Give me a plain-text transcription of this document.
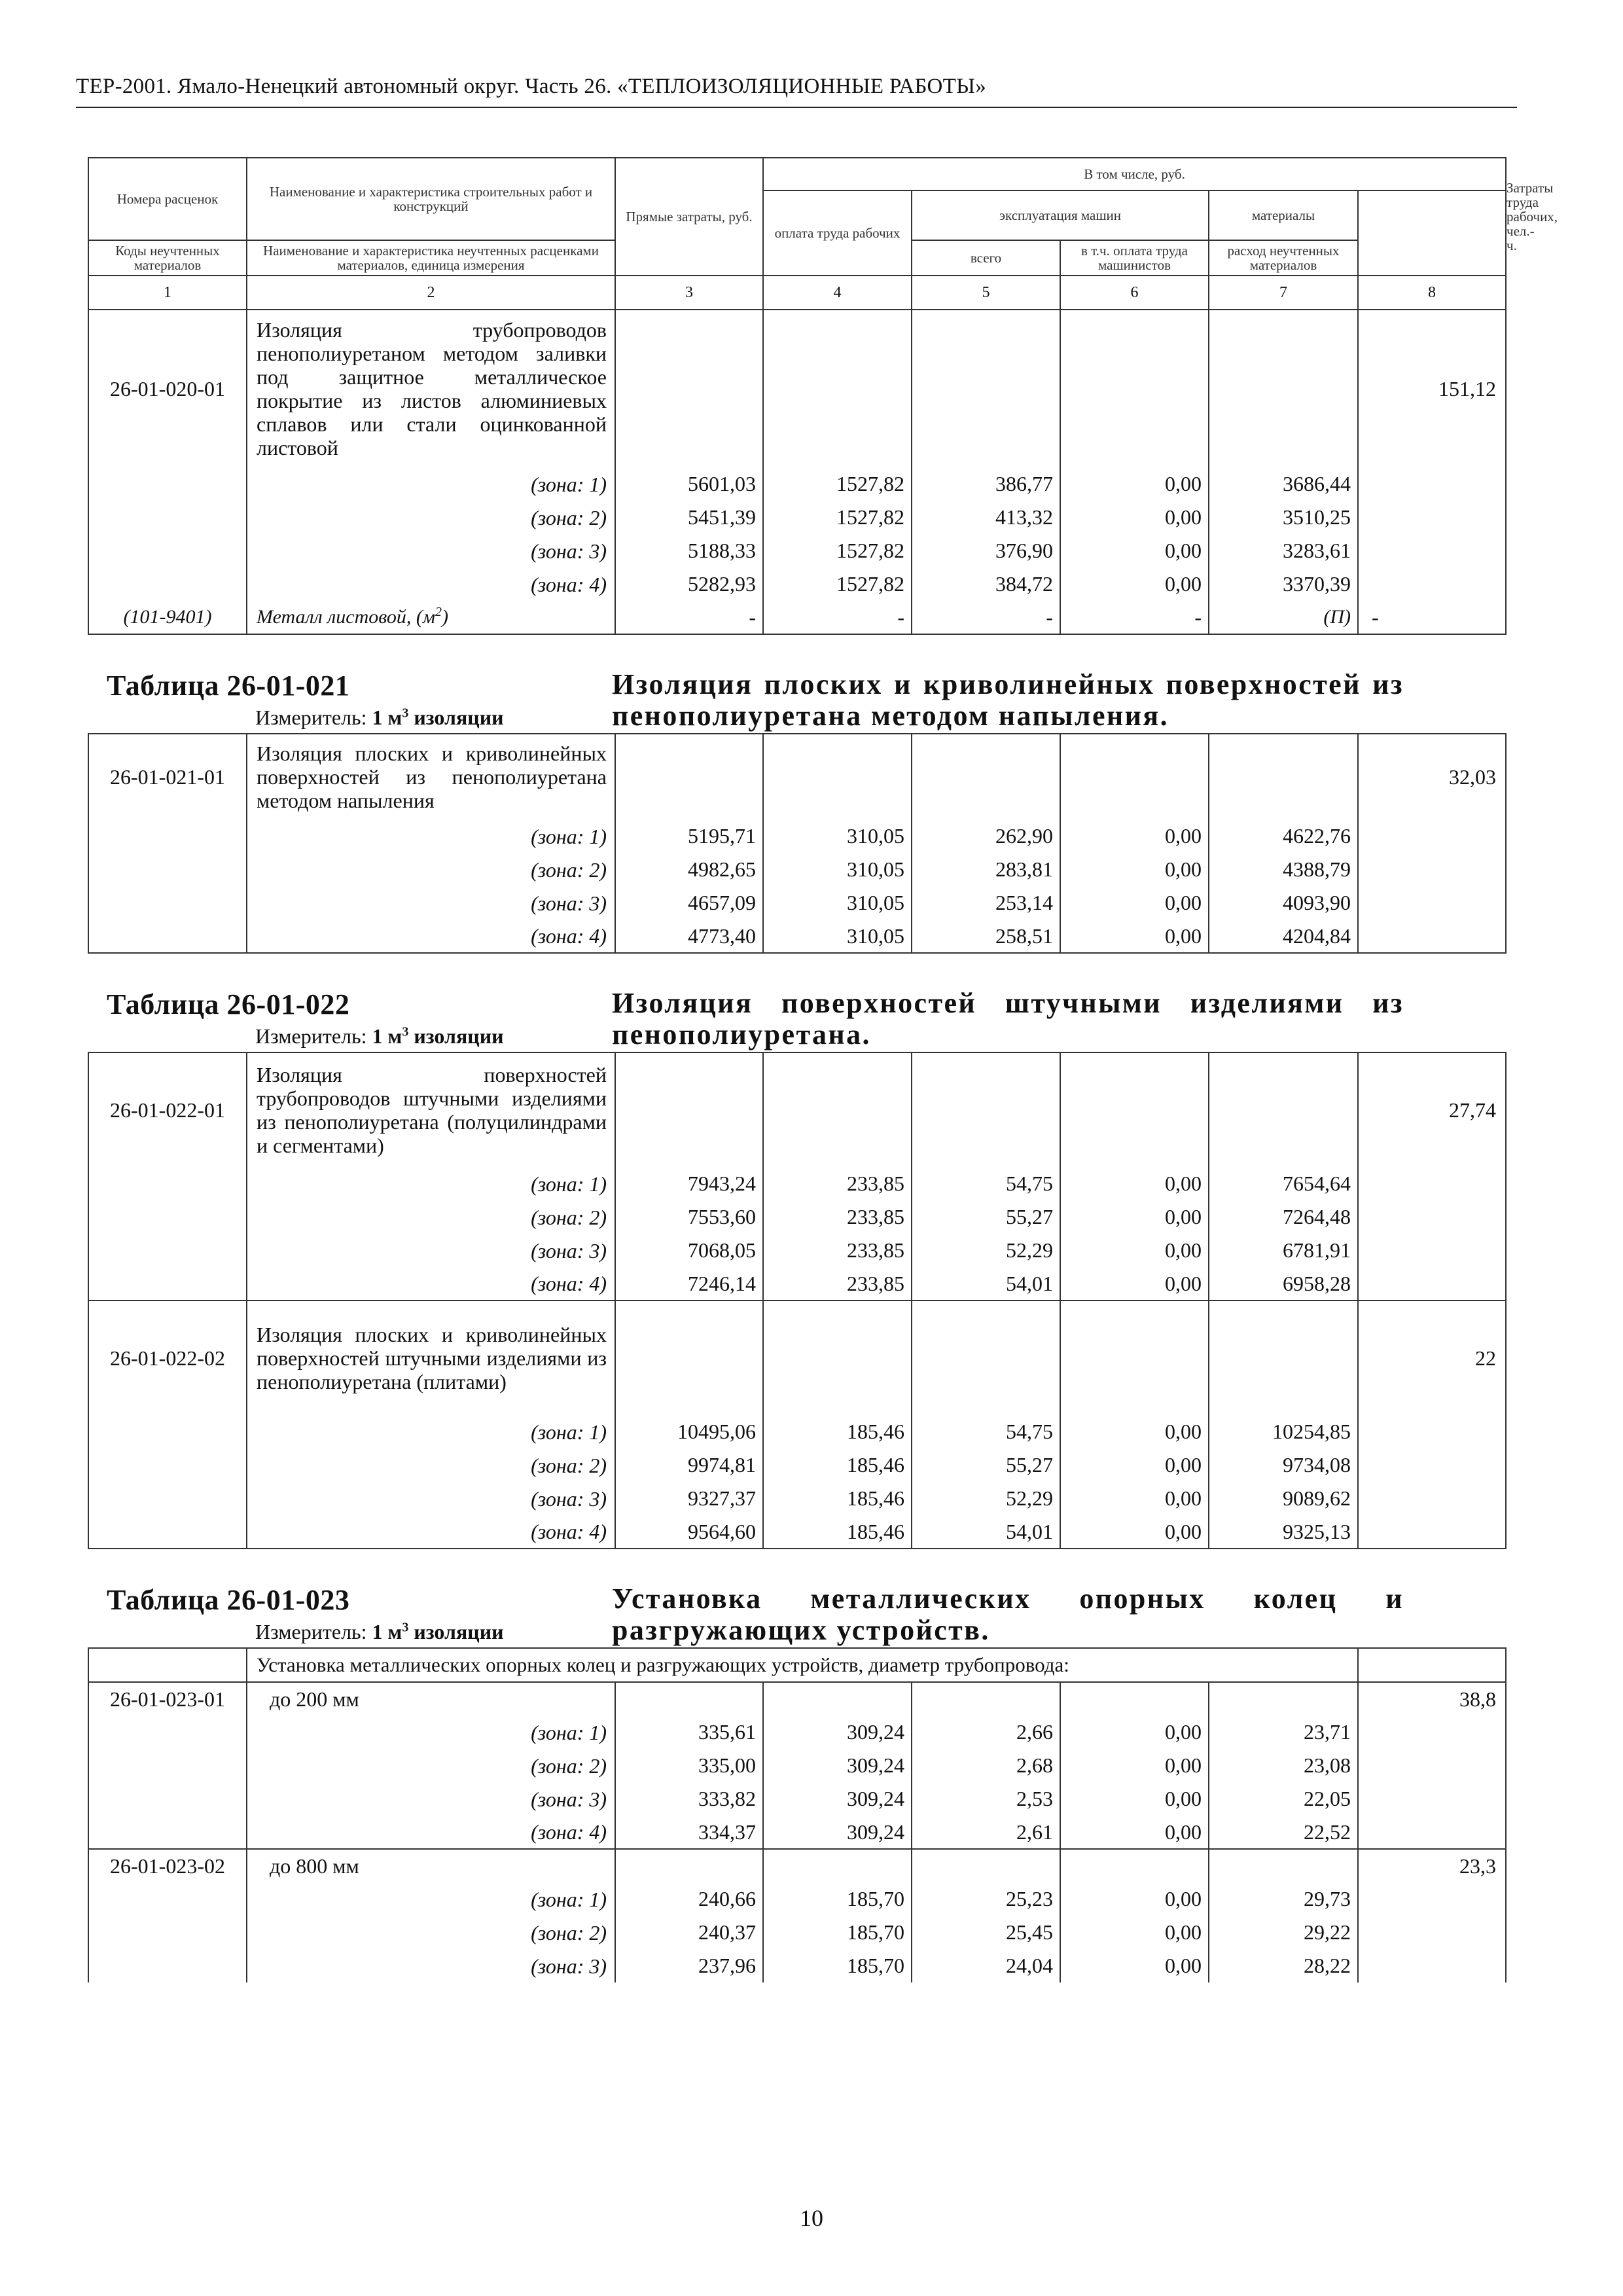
ТЕР-2001. Ямало-Ненецкий автономный округ. Часть 26. «ТЕПЛОИЗОЛЯЦИОННЫЕ РАБОТЫ»
Номера расценок	Наименование и характеристика строительных работ и конструкций	Прямые затраты, руб.	В том числе, руб.					Затраты труда рабочих, чел.-ч.
			оплата труда рабочих	эксплуатация машин		материалы		
Коды неучтенных материалов	Наименование и характеристика неучтенных расценками материалов, единица измерения			всего	в т.ч. оплата труда машинистов	расход неучтенных материалов		

1	2	3	4	5	6	7	8	
26-01-020-01	Изоляция трубопроводов пенополиуретаном методом заливки под защитное металлическое покрытие из листов алюминиевых сплавов или стали оцинкованной листовой						151,12	
	(зона: 1)	5601,03	1527,82	386,77	0,00	3686,44		
	(зона: 2)	5451,39	1527,82	413,32	0,00	3510,25		
	(зона: 3)	5188,33	1527,82	376,90	0,00	3283,61		
	(зона: 4)	5282,93	1527,82	384,72	0,00	3370,39		
(101-9401)	Металл листовой, $(м^2)$	-	-	-	-	(П)	-	

Таблица 26-01-021 Изоляция плоских и криволинейных поверхностей из пенополиуретана методом напыления.
Измеритель: 1 $м^3$ изоляции								

26-01-021-01	Изоляция плоских и криволинейных поверхностей из пенополиуретана методом напыления						32,03	
	(зона: 1)	5195,71	310,05	262,90	0,00	4622,76		
	(зона: 2)	4982,65	310,05	283,81	0,00	4388,79		
	(зона: 3)	4657,09	310,05	253,14	0,00	4093,90		
	(зона: 4)	4773,40	310,05	258,51	0,00	4204,84		

Таблица 26-01-022 Изоляция поверхностей штучными изделиями из пенополиуретана.
Измеритель: 1 $м^3$ изоляции								

26-01-022-01	Изоляция поверхностей трубопроводов штучными изделиями из пенополиуретана (полуцилиндрами и сегментами)						27,74	
	(зона: 1)	7943,24	233,85	54,75	0,00	7654,64		
	(зона: 2)	7553,60	233,85	55,27	0,00	7264,48		
	(зона: 3)	7068,05	233,85	52,29	0,00	6781,91		
	(зона: 4)	7246,14	233,85	54,01	0,00	6958,28		
26-01-022-02	Изоляция плоских и криволинейных поверхностей штучными изделиями из пенополиуретана (плитами)						22	
	(зона: 1)	10495,06	185,46	54,75	0,00	10254,85		
	(зона: 2)	9974,81	185,46	55,27	0,00	9734,08		
	(зона: 3)	9327,37	185,46	52,29	0,00	9089,62		
	(зона: 4)	9564,60	185,46	54,01	0,00	9325,13		

Таблица 26-01-023 Установка металлических опорных колец и разгружающих устройств.
Измеритель: 1 $м^3$ изоляции								

	Установка металлических опорных колец и разгружающих устройств, диаметр трубопровода:							
26-01-023-01	до 200 мм						38,8	
	(зона: 1)	335,61	309,24	2,66	0,00	23,71		
	(зона: 2)	335,00	309,24	2,68	0,00	23,08		
	(зона: 3)	333,82	309,24	2,53	0,00	22,05		
	(зона: 4)	334,37	309,24	2,61	0,00	22,52		
26-01-023-02	до 800 мм						23,3	
	(зона: 1)	240,66	185,70	25,23	0,00	29,73		
	(зона: 2)	240,37	185,70	25,45	0,00	29,22		
	(зона: 3)	237,96	185,70	24,04	0,00	28,22		
10
